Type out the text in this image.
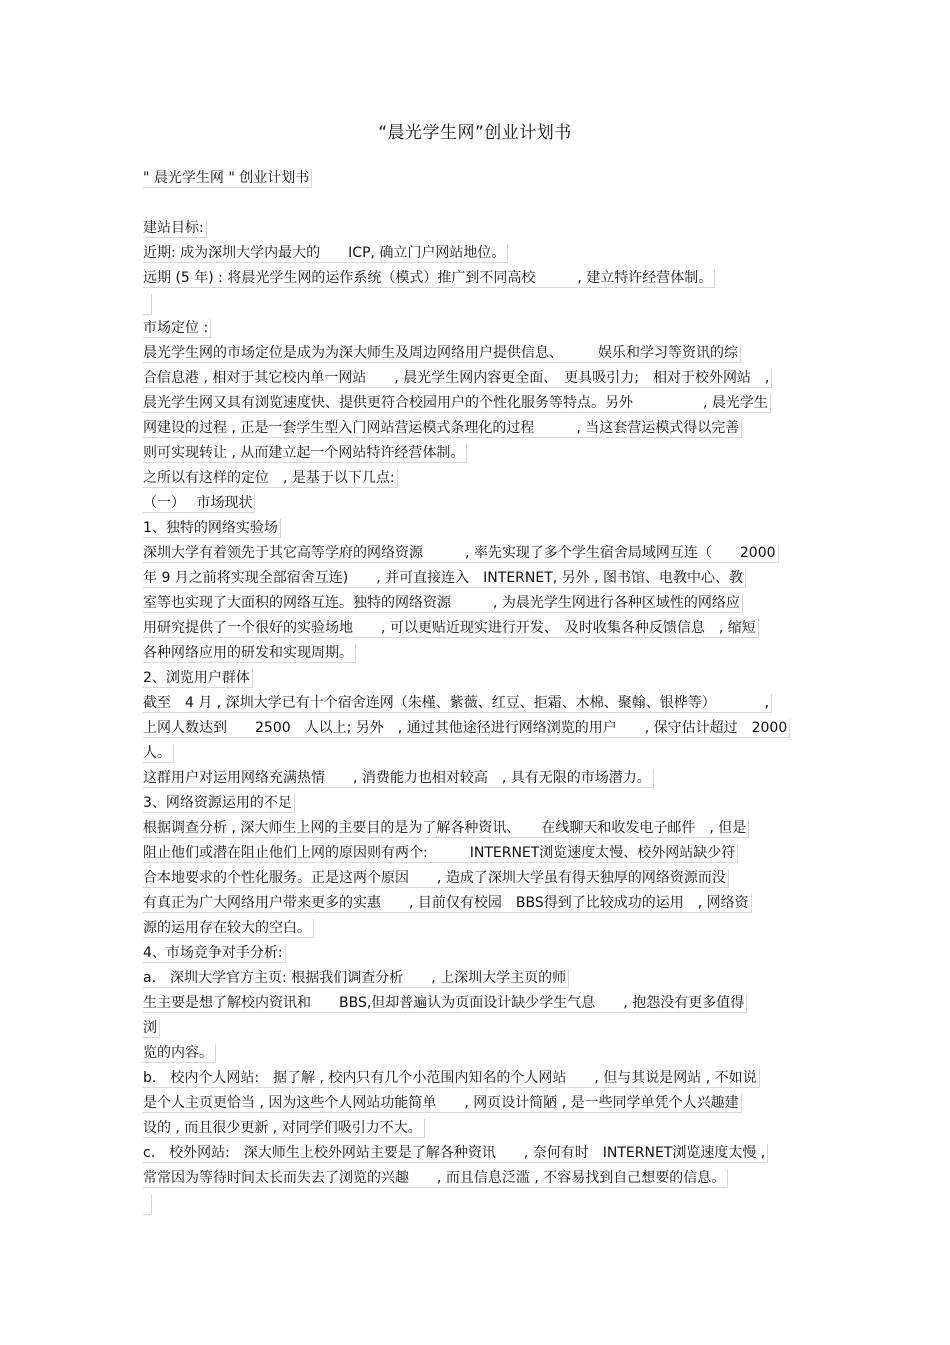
“晨光学生网”创业计划书
" 晨光学生网 " 创业计划书
建站目标:
近期: 成为深圳大学内最大的　　ICP, 确立门户网站地位。
远期 (5 年) : 将晨光学生网的运作系统（模式）推广到不同高校　　　, 建立特许经营体制。
市场定位 :
晨光学生网的市场定位是成为为深大师生及周边网络用户提供信息、　　　娱乐和学习等资讯的综
合信息港 , 相对于其它校内单一网站　　, 晨光学生网内容更全面、　更具吸引力;　相对于校外网站　,
晨光学生网又具有浏览速度快、提供更符合校园用户的个性化服务等特点。另外　　　　　, 晨光学生
网建设的过程 , 正是一套学生型入门网站营运模式条理化的过程　　　, 当这套营运模式得以完善
则可实现转让 , 从而建立起一个网站特许经营体制。
之所以有这样的定位　, 是基于以下几点:
（一）　 市场现状
1、独特的网络实验场
深圳大学有着领先于其它高等学府的网络资源　　　, 率先实现了多个学生宿舍局域网互连（　　2000
年 9 月之前将实现全部宿舍互连)　　, 并可直接连入　INTERNET, 另外 , 图书馆、电教中心、教
室等也实现了大面积的网络互连。独特的网络资源　　　, 为晨光学生网进行各种区域性的网络应
用研究提供了一个很好的实验场地　　, 可以更贴近现实进行开发、　及时收集各种反馈信息　, 缩短
各种网络应用的研发和实现周期。
2、浏览用户群体
截至　4 月 , 深圳大学已有十个宿舍连网（朱槿、紫薇、红豆、拒霜、木棉、聚翰、银桦等）　　　　,
上网人数达到　　2500　人以上; 另外　, 通过其他途径进行网络浏览的用户　　, 保守估计超过　2000
人。
这群用户对运用网络充满热情　　, 消费能力也相对较高　, 具有无限的市场潜力。
3、网络资源运用的不足
根据调查分析 , 深大师生上网的主要目的是为了解各种资讯、　　在线聊天和收发电子邮件　, 但是
阻止他们或潜在阻止他们上网的原因则有两个:　　　INTERNET浏览速度太慢、校外网站缺少符
合本地要求的个性化服务。正是这两个原因　　, 造成了深圳大学虽有得天独厚的网络资源而没
有真正为广大网络用户带来更多的实惠　　, 目前仅有校园　BBS得到了比较成功的运用　, 网络资
源的运用存在较大的空白。
4、市场竞争对手分析:
a.　深圳大学官方主页: 根据我们调查分析　　, 上深圳大学主页的师
生主要是想了解校内资讯和　　BBS,但却普遍认为页面设计缺少学生气息　　, 抱怨没有更多值得
浏
览的内容。
b.　校内个人网站:　据了解 , 校内只有几个小范围内知名的个人网站　　, 但与其说是网站 , 不如说
是个人主页更恰当 , 因为这些个人网站功能简单　　, 网页设计简陋 , 是一些同学单凭个人兴趣建
设的 , 而且很少更新 , 对同学们吸引力不大。
c.　校外网站:　深大师生上校外网站主要是了解各种资讯　　, 奈何有时　INTERNET浏览速度太慢 ,
常常因为等待时间太长而失去了浏览的兴趣　　, 而且信息泛滥 , 不容易找到自己想要的信息。
